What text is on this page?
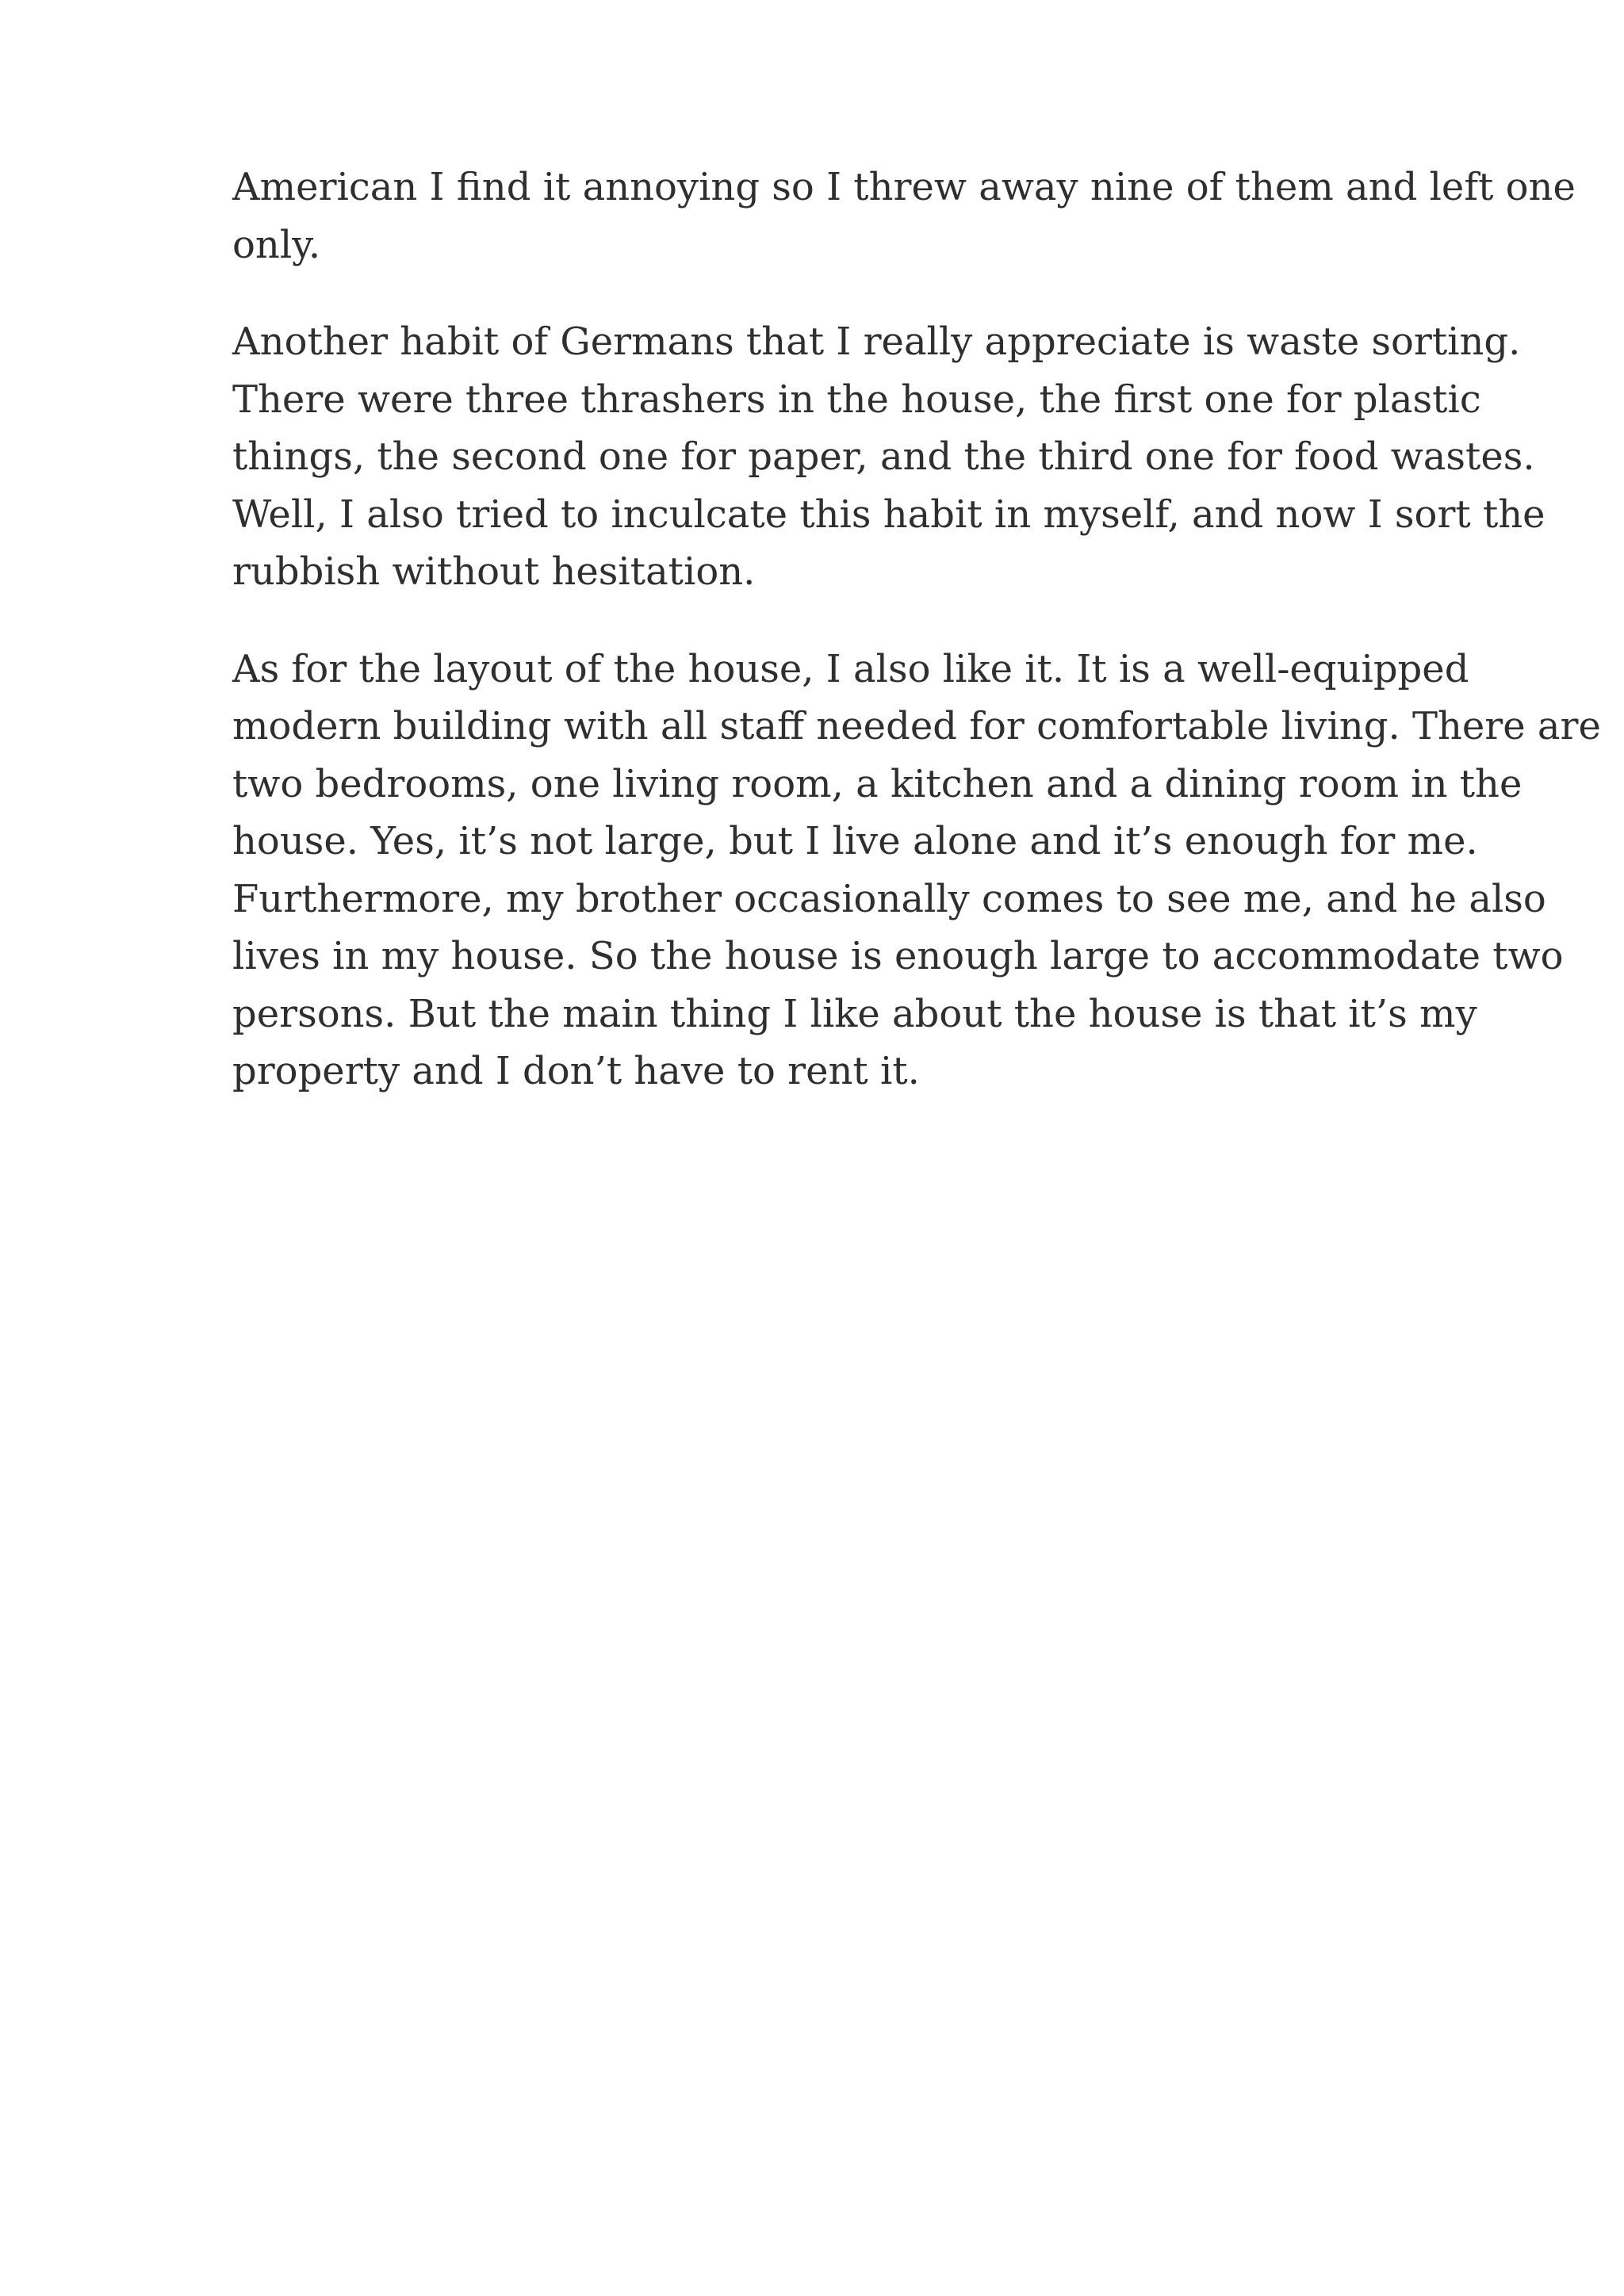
American I find it annoying so I threw away nine of them and left one
only.

Another habit of Germans that I really appreciate is waste sorting.
There were three thrashers in the house, the first one for plastic
things, the second one for paper, and the third one for food wastes.
Well, I also tried to inculcate this habit in myself, and now I sort the
rubbish without hesitation.

As for the layout of the house, I also like it. It is a well-equipped
modern building with all staff needed for comfortable living. There are
two bedrooms, one living room, a kitchen and a dining room in the
house. Yes, it’s not large, but I live alone and it’s enough for me.
Furthermore, my brother occasionally comes to see me, and he also
lives in my house. So the house is enough large to accommodate two
persons. But the main thing I like about the house is that it’s my
property and I don’t have to rent it.
